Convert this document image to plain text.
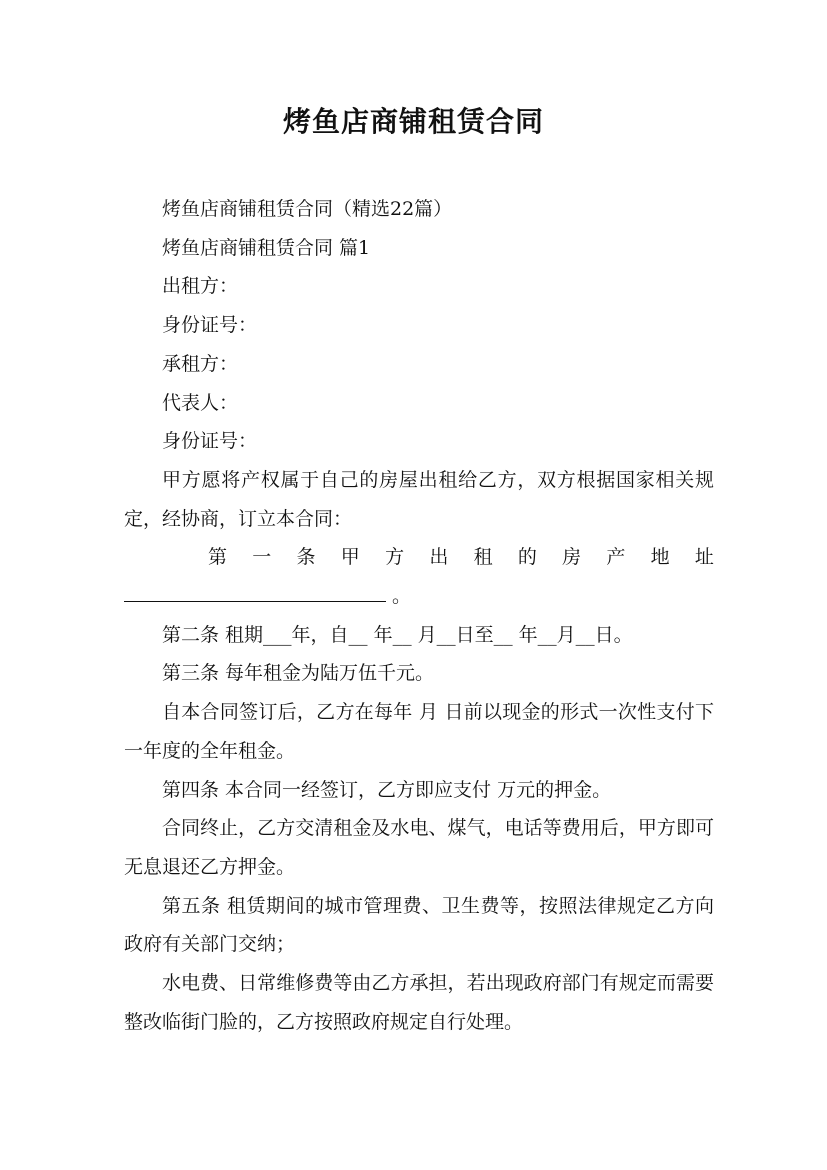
烤鱼店商铺租赁合同

烤鱼店商铺租赁合同（精选22篇）

烤鱼店商铺租赁合同 篇1

出租方：

身份证号：

承租方：

代表人：

身份证号：

甲方愿将产权属于自己的房屋出租给乙方，双方根据国家相关规定，经协商，订立本合同：

第 一 条 甲 方 出 租 的 房 产 地 址

。

第二条 租期___年，自__ 年__ 月__日至__ 年__月__日。

第三条 每年租金为陆万伍千元。

自本合同签订后，乙方在每年 月 日前以现金的形式一次性支付下一年度的全年租金。

第四条 本合同一经签订，乙方即应支付 万元的押金。

合同终止，乙方交清租金及水电、煤气，电话等费用后，甲方即可无息退还乙方押金。

第五条 租赁期间的城市管理费、卫生费等，按照法律规定乙方向政府有关部门交纳；

水电费、日常维修费等由乙方承担，若出现政府部门有规定而需要整改临街门脸的，乙方按照政府规定自行处理。
